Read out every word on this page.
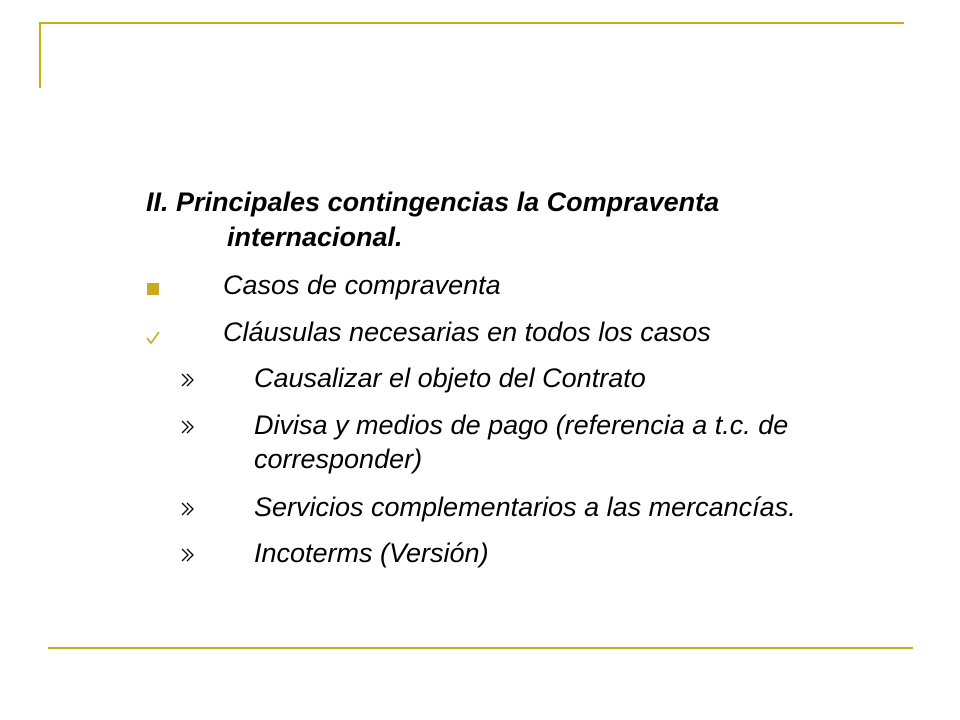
II. Principales contingencias la Compraventa
internacional.
Casos de compraventa
Cláusulas necesarias en todos los casos
Causalizar el objeto del Contrato
Divisa y medios de pago (referencia a t.c. de
corresponder)
Servicios complementarios a las mercancías.
Incoterms (Versión)
